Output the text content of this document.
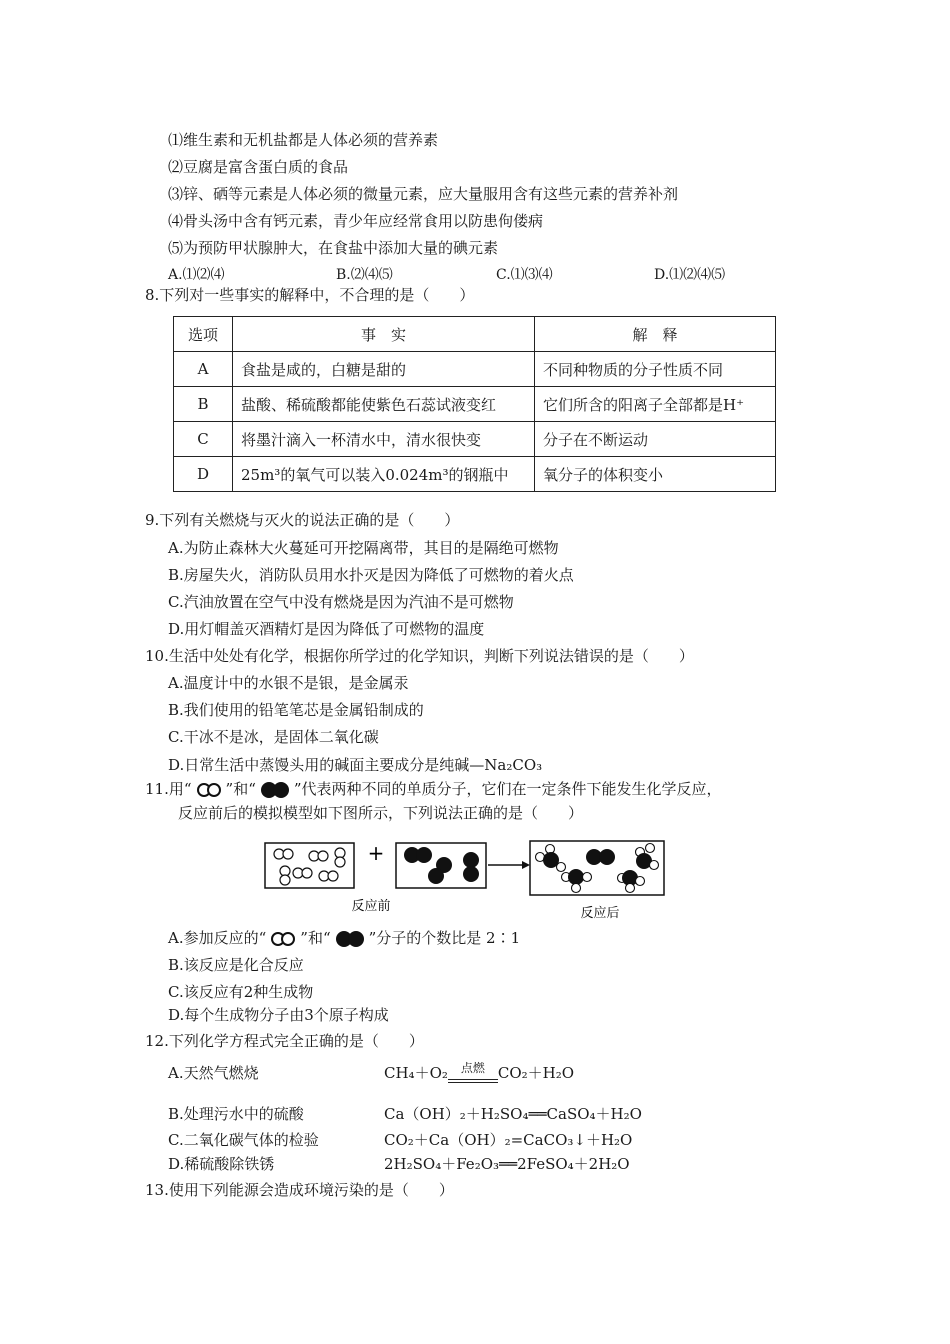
⑴维生素和无机盐都是人体必须的营养素
⑵豆腐是富含蛋白质的食品
⑶锌、硒等元素是人体必须的微量元素，应大量服用含有这些元素的营养补剂
⑷骨头汤中含有钙元素，青少年应经常食用以防患佝偻病
⑸为预防甲状腺肿大，在食盐中添加大量的碘元素
A.⑴⑵⑷	B.⑵⑷⑸	C.⑴⑶⑷	D.⑴⑵⑷⑸
8.下列对一些事实的解释中，不合理的是（　　）
选项	事　实	解　释
A	食盐是咸的，白糖是甜的	不同种物质的分子性质不同
B	盐酸、稀硫酸都能使紫色石蕊试液变红	它们所含的阳离子全部都是H⁺
C	将墨汁滴入一杯清水中，清水很快变	分子在不断运动
D	25m³的氧气可以装入0.024m³的钢瓶中	氧分子的体积变小
9.下列有关燃烧与灭火的说法正确的是（　　）
A.为防止森林大火蔓延可开挖隔离带，其目的是隔绝可燃物
B.房屋失火，消防队员用水扑灭是因为降低了可燃物的着火点
C.汽油放置在空气中没有燃烧是因为汽油不是可燃物
D.用灯帽盖灭酒精灯是因为降低了可燃物的温度
10.生活中处处有化学，根据你所学过的化学知识，判断下列说法错误的是（　　）
A.温度计中的水银不是银，是金属汞
B.我们使用的铅笔笔芯是金属铅制成的
C.干冰不是冰，是固体二氧化碳
D.日常生活中蒸馒头用的碱面主要成分是纯碱—Na₂CO₃
11.用“ ”和“	”代表两种不同的单质分子，它们在一定条件下能发生化学反应，
反应前后的模拟模型如下图所示，下列说法正确的是（　　）
+
反应前	反应后
A.参加反应的“ ”和“	”分子的个数比是 2∶1
B.该反应是化合反应
C.该反应有2种生成物
D.每个生成物分子由3个原子构成
12.下列化学方程式完全正确的是（　　）
A.天然气燃烧	CH₄＋O₂	点燃 CO₂＋H₂O
B.处理污水中的硫酸	Ca（OH）₂＋H₂SO₄══CaSO₄＋H₂O
C.二氧化碳气体的检验	CO₂＋Ca（OH）₂=CaCO₃↓＋H₂O
D.稀硫酸除铁锈	2H₂SO₄＋Fe₂O₃══2FeSO₄＋2H₂O
13.使用下列能源会造成环境污染的是（　　）
